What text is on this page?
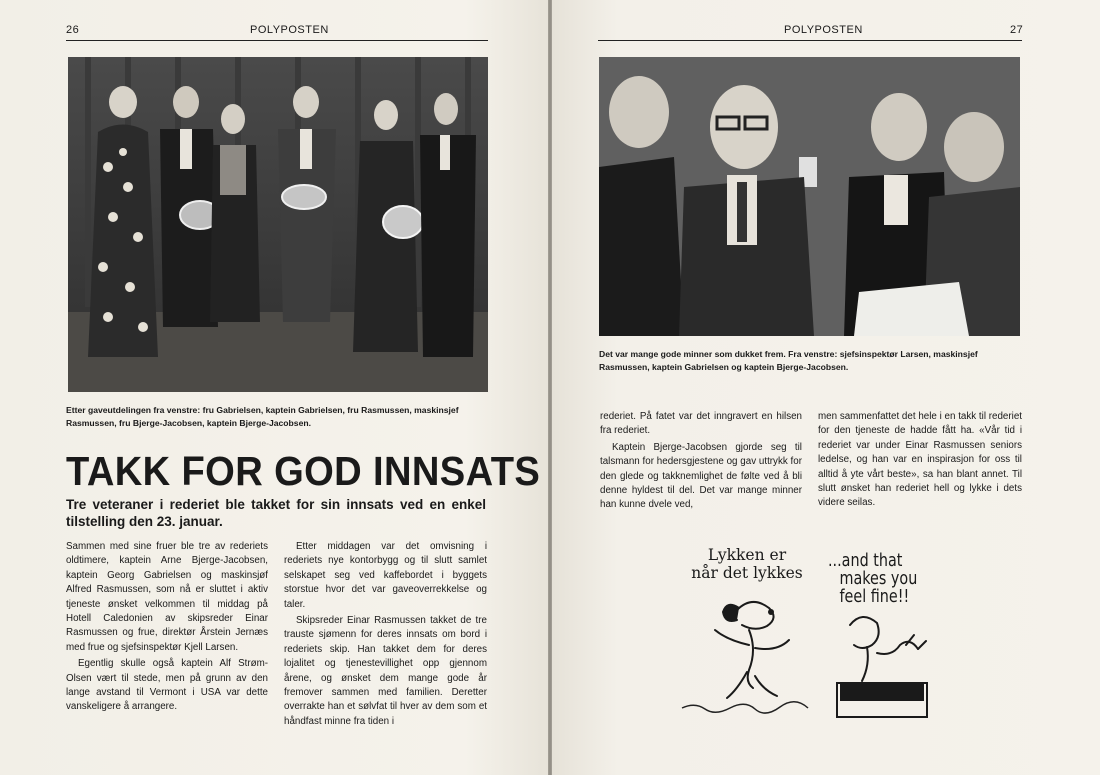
26	POLYPOSTEN
Etter gaveutdelingen fra venstre: fru Gabrielsen, kaptein Gabrielsen, fru Rasmussen, maskinsjef Rasmussen, fru Bjerge-Jacobsen, kaptein Bjerge-Jacobsen.
TAKK FOR GOD INNSATS
Tre veteraner i rederiet ble takket for sin innsats ved en enkel tilstelling den 23. januar.

Sammen med sine fruer ble tre av rederiets oldtimere, kaptein Arne Bjerge-Jacobsen, kaptein Georg Gabrielsen og maskinsjøf Alfred Rasmussen, som nå er sluttet i aktiv tjeneste ønsket velkommen til middag på Hotell Caledonien av skipsreder Einar Rasmussen og frue, direktør Årstein Jernæs med frue og sjefsinspektør Kjell Larsen.

Egentlig skulle også kaptein Alf Strøm-Olsen vært til stede, men på grunn av den lange avstand til Vermont i USA var dette vanskeligere å arrangere.

Etter middagen var det omvisning i rederiets nye kontorbygg og til slutt samlet selskapet seg ved kaffebordet i byggets storstue hvor det var gaveoverrekkelse og taler.

Skipsreder Einar Rasmussen takket de tre trauste sjømenn for deres innsats om bord i rederiets skip. Han takket dem for deres lojalitet og tjenestevillighet opp gjennom årene, og ønsket dem mange gode år fremover sammen med familien. Deretter overrakte han et sølvfat til hver av dem som et håndfast minne fra tiden i

POLYPOSTEN	27
Det var mange gode minner som dukket frem. Fra venstre: sjefsinspektør Larsen, maskinsjef Rasmussen, kaptein Gabrielsen og kaptein Bjerge-Jacobsen.

rederiet. På fatet var det inngravert en hilsen fra rederiet.

Kaptein Bjerge-Jacobsen gjorde seg til talsmann for hedersgjestene og gav uttrykk for den glede og takknemlighet de følte ved å bli denne hyldest til del. Det var mange minner han kunne dvele ved,

men sammenfattet det hele i en takk til rederiet for den tjeneste de hadde fått ha. «Vår tid i rederiet var under Einar Rasmussen seniors ledelse, og han var en inspirasjon for oss til alltid å yte vårt beste», sa han blant annet. Til slutt ønsket han rederiet hell og lykke i dets videre seilas.

Lykken er
når det lykkes
...and that
makes you
feel fine!!
